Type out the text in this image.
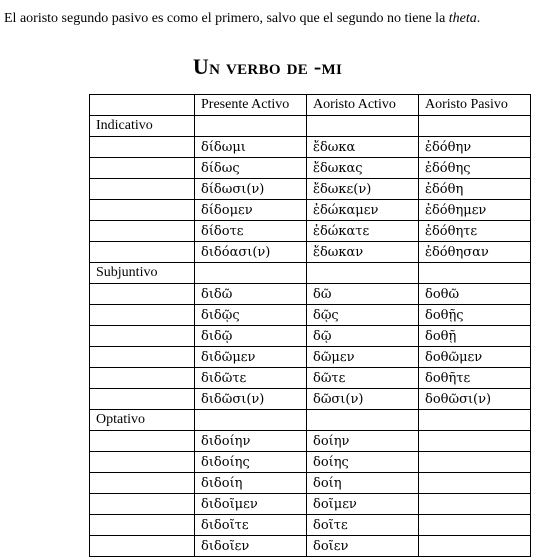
El aoristo segundo pasivo es como el primero, salvo que el segundo no tiene la theta.

Un verbo de -μι
	Presente Activo	Aoristo Activo	Aoristo Pasivo
Indicativo			
	δίδωμι	ἔδωκα	ἐδόθην
	δίδως	ἔδωκας	ἐδόθης
	δίδωσι(ν)	ἔδωκε(ν)	ἐδόθη
	δίδομεν	ἐδώκαμεν	ἐδόθημεν
	δίδοτε	ἐδώκατε	ἐδόθητε
	διδόασι(ν)	ἔδωκαν	ἐδόθησαν
Subjuntivo			
	διδῶ	δῶ	δοθῶ
	διδῷς	δῷς	δοθῇς
	διδῷ	δῷ	δοθῇ
	διδῶμεν	δῶμεν	δοθῶμεν
	διδῶτε	δῶτε	δοθῆτε
	διδῶσι(ν)	δῶσι(ν)	δοθῶσι(ν)
Optativo			
	διδοίην	δοίην	
	διδοίης	δοίης	
	διδοίη	δοίη	
	διδοῖμεν	δοῖμεν	
	διδοῖτε	δοῖτε	
	διδοῖεν	δοῖεν	
